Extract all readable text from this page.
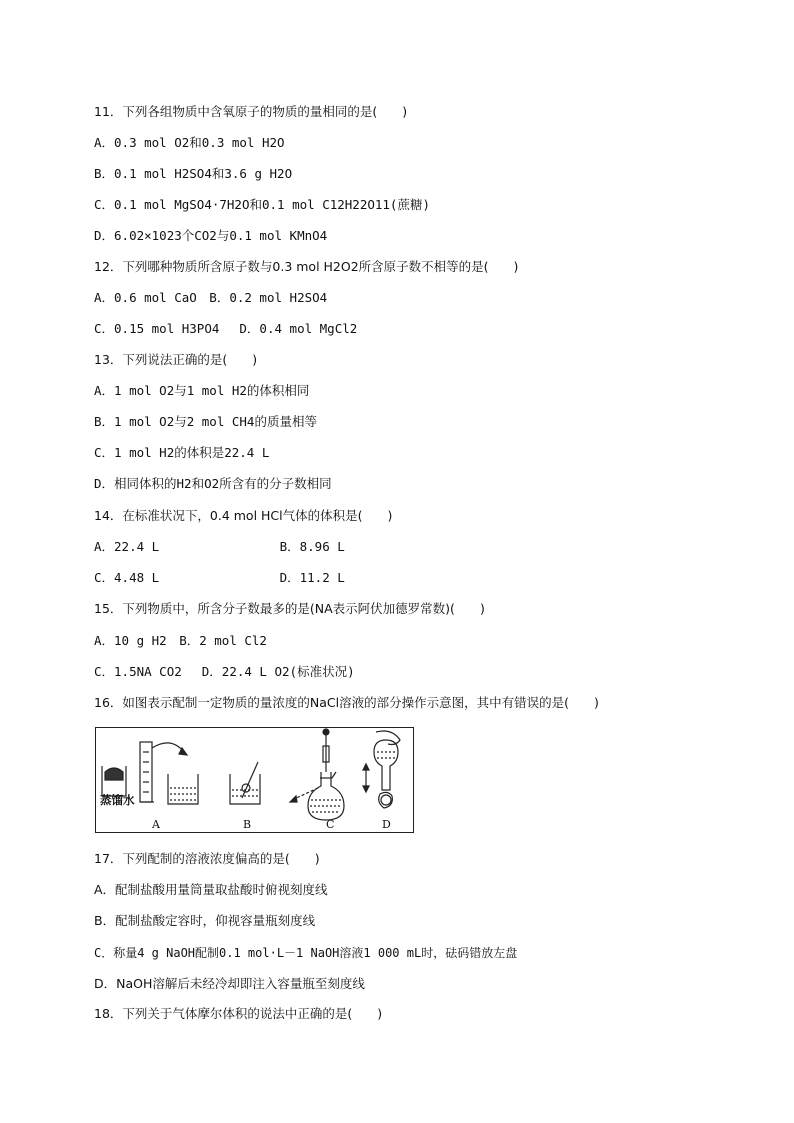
11．下列各组物质中含氧原子的物质的量相同的是(　　)
A．0.3 mol O2和0.3 mol H2O
B．0.1 mol H2SO4和3.6 g H2O
C．0.1 mol MgSO4·7H2O和0.1 mol C12H22O11(蔗糖)
D．6.02×1023个CO2与0.1 mol KMnO4
12．下列哪种物质所含原子数与0.3 mol H2O2所含原子数不相等的是(　　)
A．0.6 mol CaO　B．0.2 mol H2SO4
C．0.15 mol H3PO4　 D．0.4 mol MgCl2
13．下列说法正确的是(　　)
A．1 mol O2与1 mol H2的体积相同
B．1 mol O2与2 mol CH4的质量相等
C．1 mol H2的体积是22.4 L
D．相同体积的H2和O2所含有的分子数相同
14．在标准状况下，0.4 mol HCl气体的体积是(　　)
A．22.4 L                B．8.96 L
C．4.48 L                D．11.2 L
15．下列物质中，所含分子数最多的是(NA表示阿伏加德罗常数)(　　)
A．10 g H2　B．2 mol Cl2
C．1.5NA CO2　 D．22.4 L O2(标准状况)
16．如图表示配制一定物质的量浓度的NaCl溶液的部分操作示意图，其中有错误的是(　　)
蒸馏水
A	B	C	D
17．下列配制的溶液浓度偏高的是(　　)
A．配制盐酸用量筒量取盐酸时俯视刻度线
B．配制盐酸定容时，仰视容量瓶刻度线
C．称量4 g NaOH配制0.1 mol·L－1 NaOH溶液1 000 mL时，砝码错放左盘
D．NaOH溶解后未经冷却即注入容量瓶至刻度线
18．下列关于气体摩尔体积的说法中正确的是(　　)
